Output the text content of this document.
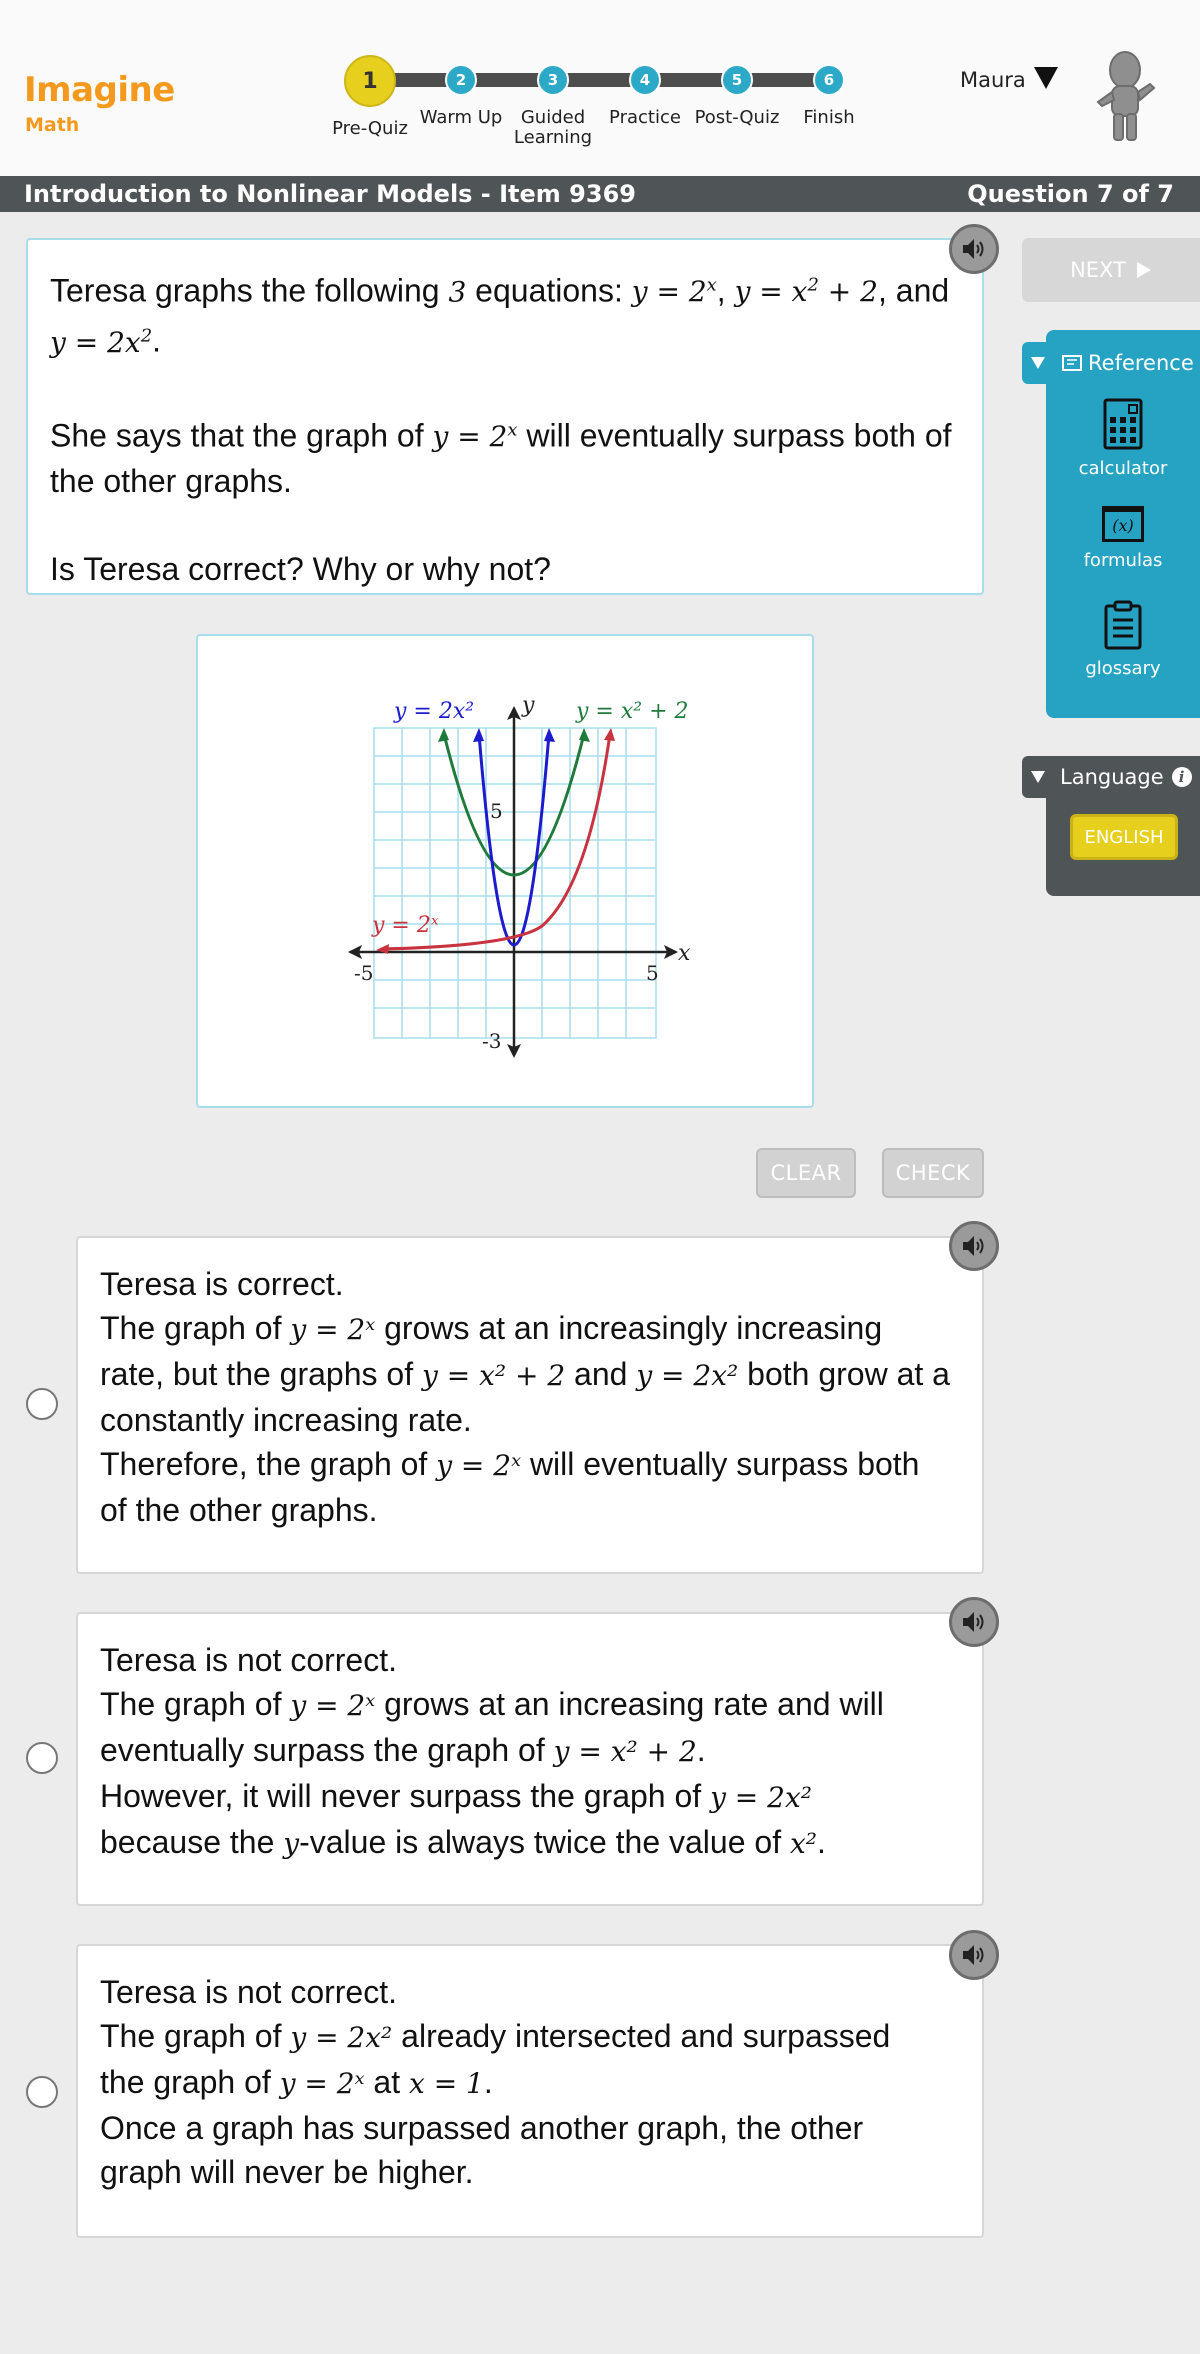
Imagine
Math
1	2	3	4	5	6
Pre-Quiz
Warm Up	Guided Learning
Practice Post-Quiz	Finish
Maura
Introduction to Nonlinear Models - Item 9369	Question 7 of 7

Teresa graphs the following 3 equations: $y = 2^x$, $y = x^2 + 2$, and
$y = 2x^2$.

She says that the graph of $y = 2^x$ will eventually surpass both of the other graphs.

Is Teresa correct? Why or why not?

y = 2x² y y = x² + 2
y = 2ˣ
x
5
-5	5
-3
CLEAR	CHECK
Teresa is correct.
The graph of y = 2ˣ grows at an increasingly increasing
rate, but the graphs of y = x² + 2 and y = 2x² both grow at a
constantly increasing rate.
Therefore, the graph of y = 2ˣ will eventually surpass both
of the other graphs.
Teresa is not correct.
The graph of y = 2ˣ grows at an increasing rate and will
eventually surpass the graph of y = x² + 2.
However, it will never surpass the graph of y = 2x²
because the y-value is always twice the value of x².
Teresa is not correct.
The graph of y = 2x² already intersected and surpassed
the graph of y = 2ˣ at x = 1.
Once a graph has surpassed another graph, the other
graph will never be higher.
NEXT
Reference
calculator
(x)
formulas
glossary
Language	i
ENGLISH
